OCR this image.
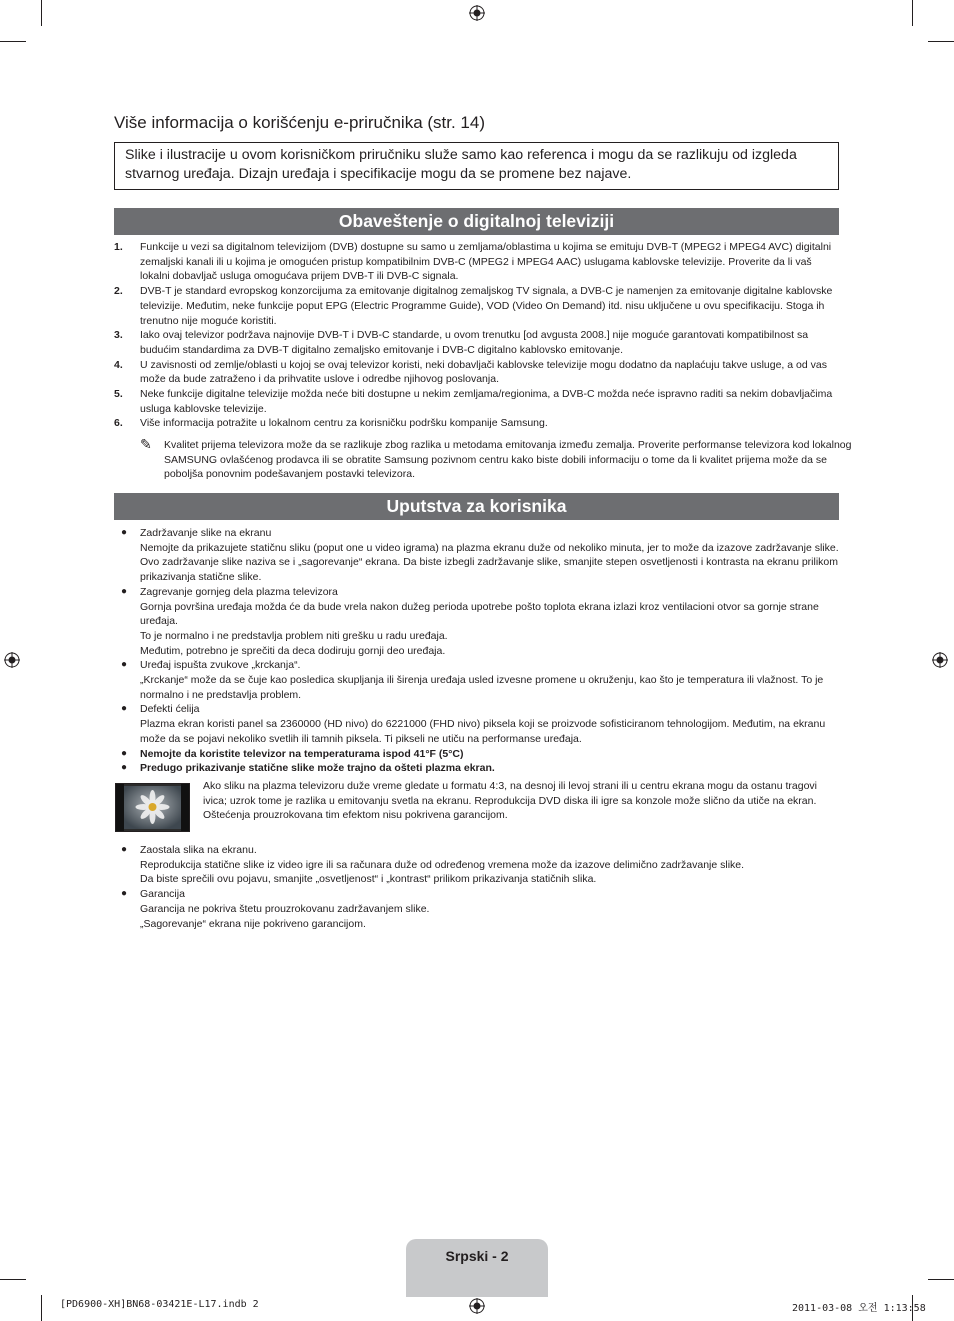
Više informacija o korišćenju e-priručnika (str. 14)
Slike i ilustracije u ovom korisničkom priručniku služe samo kao referenca i mogu da se razlikuju od izgleda stvarnog uređaja. Dizajn uređaja i specifikacije mogu da se promene bez najave.
Obaveštenje o digitalnoj televiziji
1. Funkcije u vezi sa digitalnom televizijom (DVB) dostupne su samo u zemljama/oblastima u kojima se emituju DVB-T (MPEG2 i MPEG4 AVC) digitalni zemaljski kanali ili u kojima je omogućen pristup kompatibilnim DVB-C (MPEG2 i MPEG4 AAC) uslugama kablovske televizije. Proverite da li vaš lokalni dobavljač usluga omogućava prijem DVB-T ili DVB-C signala.
2. DVB-T je standard evropskog konzorcijuma za emitovanje digitalnog zemaljskog TV signala, a DVB-C je namenjen za emitovanje digitalne kablovske televizije. Međutim, neke funkcije poput EPG (Electric Programme Guide), VOD (Video On Demand) itd. nisu uključene u ovu specifikaciju. Stoga ih trenutno nije moguće koristiti.
3. Iako ovaj televizor podržava najnovije DVB-T i DVB-C standarde, u ovom trenutku [od avgusta 2008.] nije moguće garantovati kompatibilnost sa budućim standardima za DVB-T digitalno zemaljsko emitovanje i DVB-C digitalno kablovsko emitovanje.
4. U zavisnosti od zemlje/oblasti u kojoj se ovaj televizor koristi, neki dobavljači kablovske televizije mogu dodatno da naplaćuju takve usluge, a od vas može da bude zatraženo i da prihvatite uslove i odredbe njihovog poslovanja.
5. Neke funkcije digitalne televizije možda neće biti dostupne u nekim zemljama/regionima, a DVB-C možda neće ispravno raditi sa nekim dobavljačima usluga kablovske televizije.
6. Više informacija potražite u lokalnom centru za korisničku podršku kompanije Samsung.
✎ Kvalitet prijema televizora može da se razlikuje zbog razlika u metodama emitovanja između zemalja. Proverite performanse televizora kod lokalnog SAMSUNG ovlašćenog prodavca ili se obratite Samsung pozivnom centru kako biste dobili informaciju o tome da li kvalitet prijema može da se poboljša ponovnim podešavanjem postavki televizora.
Uputstva za korisnika
● Zadržavanje slike na ekranu
Nemojte da prikazujete statičnu sliku (poput one u video igrama) na plazma ekranu duže od nekoliko minuta, jer to može da izazove zadržavanje slike. Ovo zadržavanje slike naziva se i „sagorevanje“ ekrana. Da biste izbegli zadržavanje slike, smanjite stepen osvetljenosti i kontrasta na ekranu prilikom prikazivanja statične slike.
● Zagrevanje gornjeg dela plazma televizora
Gornja površina uređaja možda će da bude vrela nakon dužeg perioda upotrebe pošto toplota ekrana izlazi kroz ventilacioni otvor sa gornje strane uređaja.
To je normalno i ne predstavlja problem niti grešku u radu uređaja.
Međutim, potrebno je sprečiti da deca dodiruju gornji deo uređaja.
● Uređaj ispušta zvukove „krckanja“.
„Krckanje“ može da se čuje kao posledica skupljanja ili širenja uređaja usled izvesne promene u okruženju, kao što je temperatura ili vlažnost. To je normalno i ne predstavlja problem.
● Defekti ćelija
Plazma ekran koristi panel sa 2360000 (HD nivo) do 6221000 (FHD nivo) piksela koji se proizvode sofisticiranom tehnologijom. Međutim, na ekranu može da se pojavi nekoliko svetlih ili tamnih piksela. Ti pikseli ne utiču na performanse uređaja.
● Nemojte da koristite televizor na temperaturama ispod 41°F (5°C)
● Predugo prikazivanje statične slike može trajno da ošteti plazma ekran.
Ako sliku na plazma televizoru duže vreme gledate u formatu 4:3, na desnoj ili levoj strani ili u centru ekrana mogu da ostanu tragovi ivica; uzrok tome je razlika u emitovanju svetla na ekranu. Reprodukcija DVD diska ili igre sa konzole može slično da utiče na ekran. Oštećenja prouzrokovana tim efektom nisu pokrivena garancijom.
● Zaostala slika na ekranu.
Reprodukcija statične slike iz video igre ili sa računara duže od određenog vremena može da izazove delimično zadržavanje slike.
Da biste sprečili ovu pojavu, smanjite „osvetljenost“ i „kontrast“ prilikom prikazivanja statičnih slika.
● Garancija
Garancija ne pokriva štetu prouzrokovanu zadržavanjem slike.
„Sagorevanje“ ekrana nije pokriveno garancijom.
Srpski - 2
[PD6900-XH]BN68-03421E-L17.indb 2	2011-03-08 오전 1:13:58
